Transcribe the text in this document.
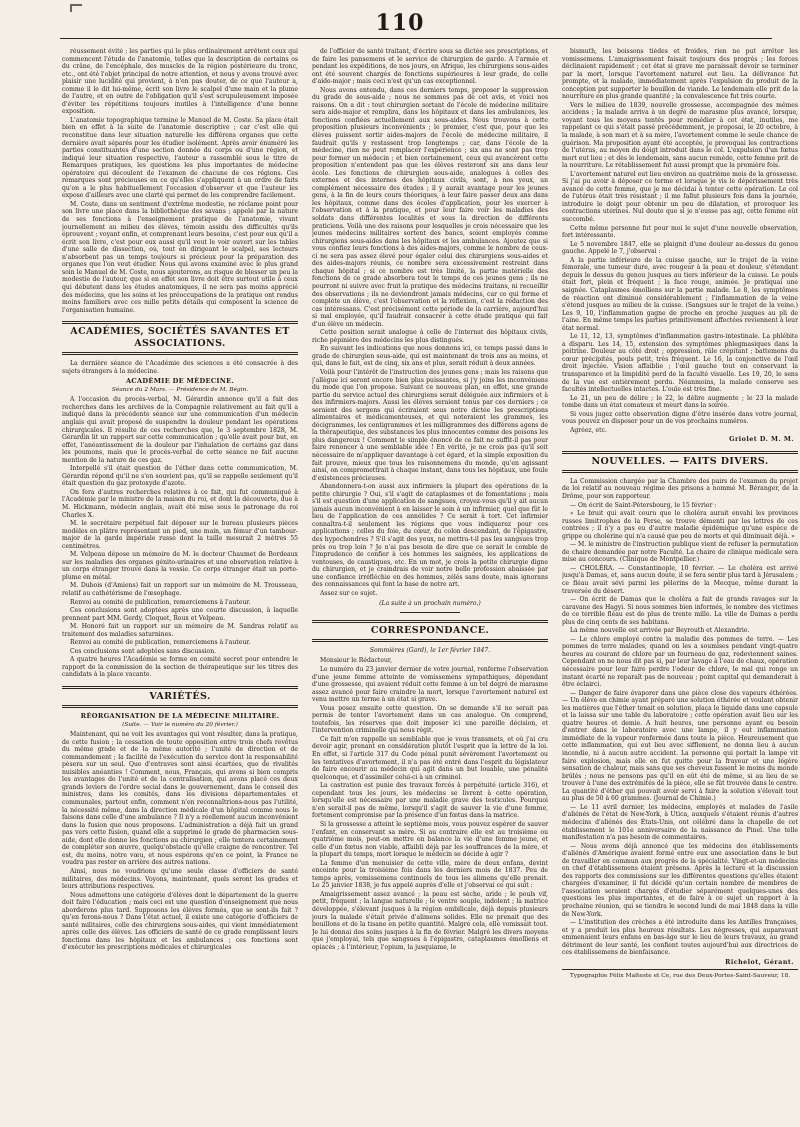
110

réussement évité ; les parties qui le plus ordinairement arrêtent ceux qui commencent l'étude de l'anatomie, telles que la description de certains os du crâne, de l'encéphale, des muscles de la région postérieure du tronc, etc., ont été l'objet principal de notre attention, et nous y avons trouvé avec plaisir une lucidité qui provient, à n'en pas douter, de ce que l'auteur a, comme il le dit lui-même, écrit son livre le scalpel d'une main et la plume de l'autre, et en outre de l'obligation qu'il s'est scrupuleusement imposée d'éviter les répétitions toujours inutiles à l'intelligence d'une bonne exposition.

L'anatomie topographique termine le Manuel de M. Coste. Sa place était bien en effet à la suite de l'anatomie descriptive ; car c'est elle qui reconstitue dans leur situation naturelle les différens organes que cette dernière avait séparés pour les étudier isolément. Après avoir énuméré les parties constituantes d'une section donnée du corps ou d'une région, et indiqué leur situation respective, l'auteur a rassemblé sous le titre de Remarques pratiques, les questions les plus importantes de médecine opératoire qui découlent de l'examen de chacune de ces régions. Ces remarques sont précieuses en ce qu'elles s'appliquent à un ordre de faits qu'on a le plus habituellement l'occasion d'observer et que l'auteur les expose d'ailleurs avec une clarté qui permet de les comprendre facilement.

M. Coste, dans un sentiment d'extrême modestie, ne réclame point pour son livre une place dans la bibliothèque des savans ; appelé par la nature de ses fonctions à l'enseignement pratique de l'anatomie, vivant journellement au milieu des élèves, témoin assidu des difficultés qu'ils éprouvent ; voyant enfin, et comprenant leurs besoins, c'est pour eux qu'il a écrit son livre, c'est pour eux aussi qu'il veut le voir ouvert sur les tables d'une salle de dissection, où, tout en dirigeant le scalpel, ses lecteurs n'absorbent pas un temps toujours si précieux pour la préparation des organes que l'on veut étudier. Nous qui avons examiné avec le plus grand soin le Manuel de M. Coste, nous ajouterons, au risque de blesser un peu la modestie de l'auteur, que si en effet son livre doit être surtout utile à ceux qui débutent dans les études anatomiques, il ne sera pas moins apprécié des médecins, que les soins et les préoccupations de la pratique ont rendus moins familiers avec ces mille petits détails qui composent la science de l'organisation humaine.

ACADÉMIES, SOCIÉTÉS SAVANTES ET ASSOCIATIONS.

La dernière séance de l'Académie des sciences a été consacrée à des sujets étrangers à la médecine.

ACADÉMIE DE MÉDECINE.
Séance du 2 Mars. — Présidence de M. Bégin.

A l'occasion du procès-verbal, M. Gérardin annonce qu'il a fait des recherches dans les archives de la Compagnie relativement au fait qu'il a indiqué dans la précédente séance sur une communication d'un médecin anglais qui avait proposé de suspendre la douleur pendant les opérations chirurgicales. Il résulte de ces recherches que, le 3 septembre 1828, M. Gérardin lit un rapport sur cette communication ; qu'elle avait pour but, en effet, l'anéantissement de la douleur par l'inhalation de certains gaz dans les poumons, mais que le procès-verbal de cette séance ne fait aucune mention de la nature de ces gaz.

Interpellé s'il était question de l'éther dans cette communication, M. Gérardin répond qu'il ne s'en souvient pas, qu'il se rappelle seulement qu'il était question du gaz protoxyde d'azote.

On fera d'autres recherches relatives à ce fait, qui fut communiqué à l'Académie par le ministre de la maison du roi, et dont la découverte, due à M. Hickmann, médecin anglais, avait été mise sous le patronage du roi Charles X.

M. le secrétaire perpétuel fait déposer sur le bureau plusieurs pièces modèles en plâtre représentant un pied, une main, un fémur d'un tambour-major de la garde impériale russe dont la taille mesurait 2 mètres 55 centimètres.

M. Velpeau dépose un mémoire de M. le docteur Chaumet de Bordeaux sur les maladies des organes génito-urinaires et une observation relative à un corps étranger trouvé dans la vessie. Ce corps étranger était un porte-plume en métal.

M. Dubois (d'Amiens) fait un rapport sur un mémoire de M. Trousseau, relatif au cathétérisme de l'œsophage.

Renvoi au comité de publication, remerciemens à l'auteur.

Ces conclusions sont adoptées après une courte discussion, à laquelle prennent part MM. Gerdy, Cloquet, Roux et Velpeau.

M. Honoré fait un rapport sur un mémoire de M. Sandras relatif au traitement des maladies saturnines.

Renvoi au comité de publication, remerciemens à l'auteur.

Ces conclusions sont adoptées sans discussion.

A quatre heures l'Académie se forme en comité secret pour entendre le rapport de la commission de la section de thérapeutique sur les titres des candidats à la place vacante.

VARIÉTÉS.
RÉORGANISATION DE LA MÉDECINE MILITAIRE.
(Suite. — Voir le numéro du 20 février.)

Maintenant, qui ne voit les avantages qui vont résulter, dans la pratique, de cette fusion ; la cessation de toute opposition entre trois chefs revêtus du même grade et de la même autorité ; l'unité de direction et de commandement ; la facilité de l'exécution du service dont la responsabilité pèsera sur un seul. Que d'entraves sont ainsi écartées, que de rivalités nuisibles anéanties ! Comment, nous, Français, qui avons si bien compris les avantages de l'unité et de la centralisation, qui avons placé ces deux grands leviers de l'ordre social dans le gouvernement, dans le conseil des ministres, dans les comités, dans les divisions départementales et communales, partout enfin, comment n'en reconnaîtrions-nous pas l'utilité, la nécessité même, dans la direction médicale d'un hôpital comme nous le faisons dans celle d'une ambulance ? Il n'y a réellement aucun inconvénient dans la fusion que nous proposons. L'administration a déjà fait un grand pas vers cette fusion, quand elle a supprimé le grade de pharmacien sous-aide, dont elle donne les fonctions au chirurgien ; elle tentera certainement de compléter son œuvre, quelqu'obstacle qu'elle craigne de rencontrer. Tel est, du moins, notre vœu, et nous espérons qu'en ce point, la France ne voudra pas rester en arrière des autres nations.

Ainsi, nous ne voudrions qu'une seule classe d'officiers de santé militaires, des médecins. Voyons, maintenant, quels seront les grades et leurs attributions respectives.

Nous admettons une catégorie d'élèves dont le département de la guerre doit faire l'éducation ; mais ceci est une question d'enseignement que nous aborderons plus tard. Supposons les élèves formés, que se sont-ils fait ? qu'en ferons-nous ? Dans l'état actuel, il existe une catégorie d'officiers de santé militaires, celle des chirurgiens sous-aides, qui vient immédiatement après celle des élèves. Les officiers de santé de ce grade remplissent leurs fonctions dans les hôpitaux et les ambulances ; ces fonctions sont d'exécuter les prescriptions médicales et chirurgicales

de l'officier de santé traitant, d'écrire sous sa dictée ses prescriptions, et de faire les pansemens et le service de chirurgien de garde. A l'armée et pendant les expéditions, de nos jours, en Afrique, les chirurgiens sous-aides ont été souvent chargés de fonctions supérieures à leur grade, de celle d'aide-major ; mais ceci n'est qu'un cas exceptionnel.

Nous avons entendu, dans ces derniers temps, proposer la suppression du grade de sous-aide ; nous ne sommes pas de cet avis, et voici nos raisons. On a dit : tout chirurgien sortant de l'école de médecine militaire sera aide-major et remplira, dans les hôpitaux et dans les ambulances, les fonctions confiées actuellement aux sous-aides. Nous trouvons à cette proposition plusieurs inconvénients ; le premier, c'est que, pour que les élèves puissent sortir aides-majors de l'école de médecine militaire, il faudrait qu'ils y restassent trop longtemps ; car, dans l'école de la médecine, rien ne peut remplacer l'expérience ; six ans ne sont pas trop pour former un médecin ; et bien certainement, ceux qui avancèrent cette proposition n'entendent pas que les élèves resteront six ans dans leur école. Les fonctions de chirurgien sous-aide, analogues à celles des externes et des internes des hôpitaux civils, sont, à nos yeux, un complément nécessaire des études ; il y aurait avantage pour les jeunes gens, à la fin de leurs cours théoriques, à leur faire passer deux ans dans les hôpitaux, comme dans des écoles d'application, pour les exercer à l'observation et à la pratique, et pour leur faire voir les maladies des soldats dans différentes localités et sous la direction de différents praticiens. Voilà une des raisons pour lesquelles je crois nécessaire que les jeunes médecins militaires sortent des bancs, soient employés comme chirurgiens sous-aides dans les hôpitaux et les ambulances. Ajoutez que si vous confiez leurs fonctions à des aides-majors, comme le nombre de ceux-ci ne sera pas assez élevé pour égaler celui des chirurgiens sous-aides et des aides-majors réunis, ce nombre sera excessivement restreint dans chaque hôpital ; si ce nombre est très limité, la partie matérielle des fonctions de ce grade absorbera tout le temps de ces jeunes gens ; ils ne pourront ni suivre avec fruit la pratique des médecins traitans, ni recueillir des observations ; ils ne deviendront jamais médecins, car ce qui forme et complète un élève, c'est l'observation et la réflexion, c'est la rédaction des cas intéressans. C'est précisément cette période de la carrière, aujourd'hui si mal employée, qu'il faudrait consacrer à cette étude pratique qui fait d'un élève un médecin.

Cette position serait analogue à celle de l'internat des hôpitaux civils, riche pépinière des médecins les plus distingués.

En suivant les indications que nous donnons ici, ce temps passé dans le grade de chirurgien sous-aide, qui est maintenant de trois ans au moins, et qui, dans le fait, est de cinq, six ans et plus, serait réduit à deux années.

Voilà pour l'intérêt de l'instruction des jeunes gens ; mais les raisons que j'allègue ici seront encore bien plus puissantes, si j'y joins les inconvéniens du mode que l'on propose. Suivant ce nouveau plan, en effet, une grande partie du service actuel des chirurgiens serait déléguée aux infirmiers et à des infirmiers-majors. Aussi les élèves seraient tenus par ces derniers ; ce seraient des sergens qui écriraient sous notre dictée les prescriptions alimentaires et médicamenteuses, et qui noteraient les grammes, les décigrammes, les centigrammes et les milligrammes des différens agens de la thérapeutique, des substances les plus innocentes comme des poisons les plus dangereux ! Comment le simple énoncé de ce fait ne suffit-il pas pour faire renoncer à une semblable idée ! En vérité, je ne crois pas qu'il soit nécessaire de m'appliquer davantage à cet égard, et la simple exposition du fait prouve, mieux que tous les raisonnemens du monde, qu'en agissant ainsi, on compromettrait à chaque instant, dans tous les hôpitaux, une foule d'existences précieuses.

Abandonnera-t-on aussi aux infirmiers la plupart des opérations de la petite chirurgie ? Oui, s'il s'agit de cataplasmes et de fomentations ; mais s'il est question d'une application de sangsues, croyez-vous qu'il y ait aucun jamais aucun inconvénient à en laisser le soin à un infirmier, quel que fût le lieu de l'application de ces annélides ? Ce serait à tort. Cet infirmier connaîtra-t-il seulement les régions que vous indiquerez pour ces applications ; celles du foie, du cœur, du colon descendant, de l'épigastre, des hypochondres ? S'il s'agit des yeux, ne mettra-t-il pas les sangsues trop près ou trop loin ? Je n'ai pas besoin de dire que ce serait le comble de l'imprudence de confier à ces hommes les saignées, les applications de ventouses, de caustiques, etc. En un mot, je crois la petite chirurgie digne du chirurgien, et je craindrais de voir notre belle profession abaissée par une confiance irréfléchie en des hommes, zélés sans doute, mais ignorans des connaissances qui font la base de notre art.

Assez sur ce sujet.

(La suite à un prochain numéro.)
CORRESPONDANCE.
Sommières (Gard), le 1er février 1847.

Monsieur le Rédacteur,

Le numéro du 23 janvier dernier de votre journal, renferme l'observation d'une jeune femme atteinte de vomissemens sympathiques, dépendant d'une grossesse, qui avaient réduit cette femme à un tel degré de marasme assez avancé pour faire craindre la mort, lorsque l'avortement naturel est venu mettre un terme à un état si grave.

Vous posez ensuite cette question. On se demande s'il ne serait pas permis de tenter l'avortement dans un cas analogue. On comprend, toutefois, les réserves que doit imposer ici une pareille décision, et l'intervention criminelle qui nous régit.

Ce fait m'en rappelle un semblable que je vous transmets, et où j'ai cru devoir agir, prenant en considération plutôt l'esprit que la lettre de la loi. En effet, si l'article 317 du Code pénal punit sévèrement l'avortement ou les tentatives d'avortement, il n'a pas été entré dans l'esprit du législateur de faire encourir au médecin qui agit dans un but louable, une pénalité quelconque, et d'assimiler celui-ci à un criminel.

La castration est punie des travaux forcés à perpétuité (article 316), et cependant tous les jours, les médecins se livrent à cette opération, lorsqu'elle est nécessaire par une maladie grave des testicules. Pourquoi n'en serait-il pas de même, lorsqu'il s'agit de sauver la vie d'une femme, fortement compromise par la présence d'un fœtus dans la matrice.

Si la grossesse a atteint le septième mois, vous pouvez espérer de sauver l'enfant, en conservant sa mère. Si au contraire elle est au troisième ou quatrième mois, peut-on mettre en balance la vie d'une femme jeune, et celle d'un fœtus non viable, affaibli déjà par les souffrances de la mère, et la plupart du temps, mort lorsque le médecin se décide à agir ?

La femme d'un menuisier de cette ville, mère de deux enfans, devint enceinte pour la troisième fois dans les derniers mois de 1837. Peu de temps après, vomissemens continuels de tous les alimens qu'elle prenait. Le 25 janvier 1838, je fus appelé auprès d'elle et j'observai ce qui suit :

Amaigrissement assez avancé ; la peau est sèche, aride ; le pouls vif, petit, fréquent ; la langue naturelle ; le ventre souple, indolent ; la matrice développée, s'élevant jusques à la région ombilicale, déjà depuis plusieurs jours la malade s'était privée d'alimens solides. Elle ne prenait que des bouillons et de la tisane en petite quantité. Malgré cela, elle vomissait tout. Je lui donnai des soins jusques à la fin de février. Malgré les divers moyens que j'employai, tels que sangsues à l'épigastre, cataplasmes émolliens et opiacés ; à l'intérieur, l'opium, la jusquiame, le

bismuth, les boissons tièdes et froides, rien ne put arrêter les vomissemens. L'amaigrissement faisait toujours des progrès ; les forces déclinaient rapidement ; cet état si grave me paraissait devoir se terminer par la mort, lorsque l'avortement naturel eut lieu. La délivrance fut prompte, et la malade, immédiatement après l'expulsion du produit de la conception put supporter le bouillon de viande. Le lendemain elle prit de la nourriture en plus grande quantité ; la convalescence fut très courte.

Vers le milieu de 1839, nouvelle grossesse, accompagnée des mêmes accidens ; la malade arriva à un degré de marasme plus avancé, lorsque, voyant tous les moyens tentés pour remédier à cet état, inutiles, me rappelant ce qui s'était passé précédemment, je proposai, le 20 octobre, à la malade, à son mari et à sa mère, l'avortement comme le seule chance de guérison. Ma proposition ayant été acceptée, je provoquai les contractions de l'utérus, au moyen du doigt introduit dans le col. L'expulsion d'un fœtus mort eut lieu ; et dès le lendemain, sans aucun remède, cette femme prit de la nourriture. Le rétablissement fut aussi prompt que la première fois.

L'avortement naturel eut lieu environ au quatrième mois de la grossesse. Si j'ai pu avoir à déposer ce terme et lorsque je vis le dépérissement très avancé de cette femme, que je me décidai à tenter cette opération. Le col de l'utérus était très résistant ; il me fallut plusieurs fois dans la journée, introduire le doigt pour obtenir un peu de dilatation, et provoquer les contractions utérines. Nul doute que si je n'eusse pas agi, cette femme eût succombé.

Cette même personne fut pour moi le sujet d'une nouvelle observation, fort intéressante.

Le 5 novembre 1847, elle se plaignit d'une douleur au-dessus du genou gauche. Appelé le 7, j'observai :

A la partie inférieure de la cuisse gauche, sur le trajet de la veine fémorale, une tumeur dure, avec rougeur à la peau et douleur, s'étendant depuis le dessus du genou jusques au tiers inférieur de la cuisse. Le pouls était fort, plein et fréquent ; la face rouge, animée. Je pratiquai une saignée. Cataplasmes émolliens sur la partie malade. Le 8, les symptômes de réaction ont diminué considérablement ; l'inflammation de la veine s'étend jusques au milieu de la cuisse. (Sangsues sur le trajet de la veine.) Les 9, 10, l'inflammation gagne de proche en proche jusques au pli de l'aine. En même temps les parties primitivement affectées reviennent à leur état normal.

Le 11, 12, 13, symptômes d'inflammation gastro-intestinale. La phlébite a disparu. Les 14, 15, extension des symptômes phlegmasiques dans la poitrine. Douleur au côté droit ; oppression, râle crépitant ; battemens du cœur précipités, pouls petit, très fréquent. Le 16, la conjonctive de l'œil droit injectée. Vision affaiblie ; l'œil gauche tout en conservant la transparence et la limpidité perd de la faculté visuelle. Les 19, 20, le sens de la vue est entièrement perdu. Néanmoins, la malade conserve ses facultés intellectuelles intactes. L'ouïe est très fine.

Le 21, un peu de délire ; le 22, le délire augmente ; le 23 la malade tombe dans un état comateux et meurt dans la soirée.

Si vous jugez cette observation digne d'être insérée dans votre journal, vous pouvez en disposer pour un de vos prochains numéros.

Agréez, etc.

Griolet D. M. M.
NOUVELLES. — FAITS DIVERS.

La Commission chargée par la Chambre des pairs de l'examen du projet de loi relatif au nouveau régime des prisons a nommé M. Béranger, de la Drôme, pour son rapporteur.

— On écrit de Saint-Pétersbourg, le 15 février :

« Le bruit qui avait couru que le choléra aurait envahi les provinces russes limitrophes de la Perse, se trouve démenti par les lettres de ces contrées ; il n'y a pas eu d'autre maladie épidémique qu'une espèce de grippe ou cholérine qui n'a causé que peu de morts et qui diminuait déjà. »

— M. le ministre de l'instruction publique vient de refuser la permutation de chaire demandée par notre Faculté. La chaire de clinique médicale sera mise au concours. (Clinique de Montpellier.)

— CHOLÉRA. — Constantinople, 10 février. — Le choléra est arrivé jusqu'à Damas, et, sans aucun doute, il se fera sentir plus tard à Jérusalem ; ce fléau avait sévi parmi les pèlerins de la Mecque, même durant la traversée du désert.

— On écrit de Damas que le choléra a fait de grands ravages sur la caravane des Hagyi. Si nous sommes bien informés, le nombre des victimes de ce terrible fléau est de plus de trente mille. La ville de Damas a perdu plus de cinq cents de ses habitans.

La même nouvelle est arrivée par Beyrouth et Alexandrie.

— Le chlore employé contre la maladie des pommes de terre. — Les pommes de terre malades, quand on les a soumises pendant vingt-quatre heures au courant de chlore par un fourneau de gaz, redeviennent saines. Cependant on ne nous dit pas si, par leur lavage à l'eau de chaux, opération nécessaire pour leur faire perdre l'odeur de chlore, le mal qui ronge un instant écarté ne reparaît pas de nouveau ; point capital qui demanderait à être éclairci.

— Danger de faire évaporer dans une pièce close des vapeurs éthérées. — Un élève en chimie ayant préparé une solution éthérée et voulant obtenir les matières que l'éther tenait en solution, plaça le liquide dans une capsule et la laissa sur une table du laboratoire ; cette opération avait lieu sur les quatre heures et demie. A huit heures, une personne ayant eu besoin d'entrer dans le laboratoire avec une lampe, il y eut inflammation immédiate de la vapeur renfermée dans toute la pièce. Heureusement que cette inflammation, qui eut lieu avec sifflement, ne donna lieu à aucun incendie, ni à aucun autre accident. La personne qui portait la lampe vit faire explosion, mais elle en fut quitte pour la frayeur et une légère sensation de chaleur, mais sans que ses cheveux fussent le moins du monde brûlés ; nous ne pensons pas qu'il en eût été de même, si au lieu de se trouver à l'une des extrémités de la pièce, elle se fût trouvée dans le centre. La quantité d'éther qui pouvait avoir servi à faire la solution s'élevait tout au plus de 50 à 60 grammes. (Journal de Chimie.)

— Le 11 avril dernier, les médecins, employés et malades de l'asile d'aliénés de l'état de New-York, à Utica, auxquels s'étaient réunis d'autres médecins d'aliénés des États-Unis, ont célébré dans la chapelle de cet établissement le 101e anniversaire de la naissance de Pinel. Une telle manifestation n'a pas besoin de commentaires.

— Nous avons déjà annoncé que les médecins des établissements d'aliénés d'Amérique avaient formé entre eux une association dans le but de travailler en commun aux progrès de la spécialité. Vingt-et-un médecins en chef d'établissemens étaient présens. Après la lecture et la discussion des rapports des commissions sur les différentes questions qu'elles étaient chargées d'examiner, il fut décidé qu'un certain nombre de membres de l'association seraient chargés d'étudier séparément quelques-unes des questions les plus importantes, et de faire à ce sujet un rapport à la prochaine réunion, qui se tiendra le second lundi de mai 1848 dans la ville de New-York.

— L'institution des crèches a été introduite dans les Antilles françaises, et y a produit les plus heureux résultats. Les négresses, qui auparavant emmenaient leurs enfans en bas-âge sur le lieu de leurs travaux, au grand détriment de leur santé, les confient toutes aujourd'hui aux directrices de ces établissemens de bienfaisance.

Richelot, Gérant.
Typographie Félix Malteste et Ce, rue des Deux-Portes-Saint-Sauveur, 18.
